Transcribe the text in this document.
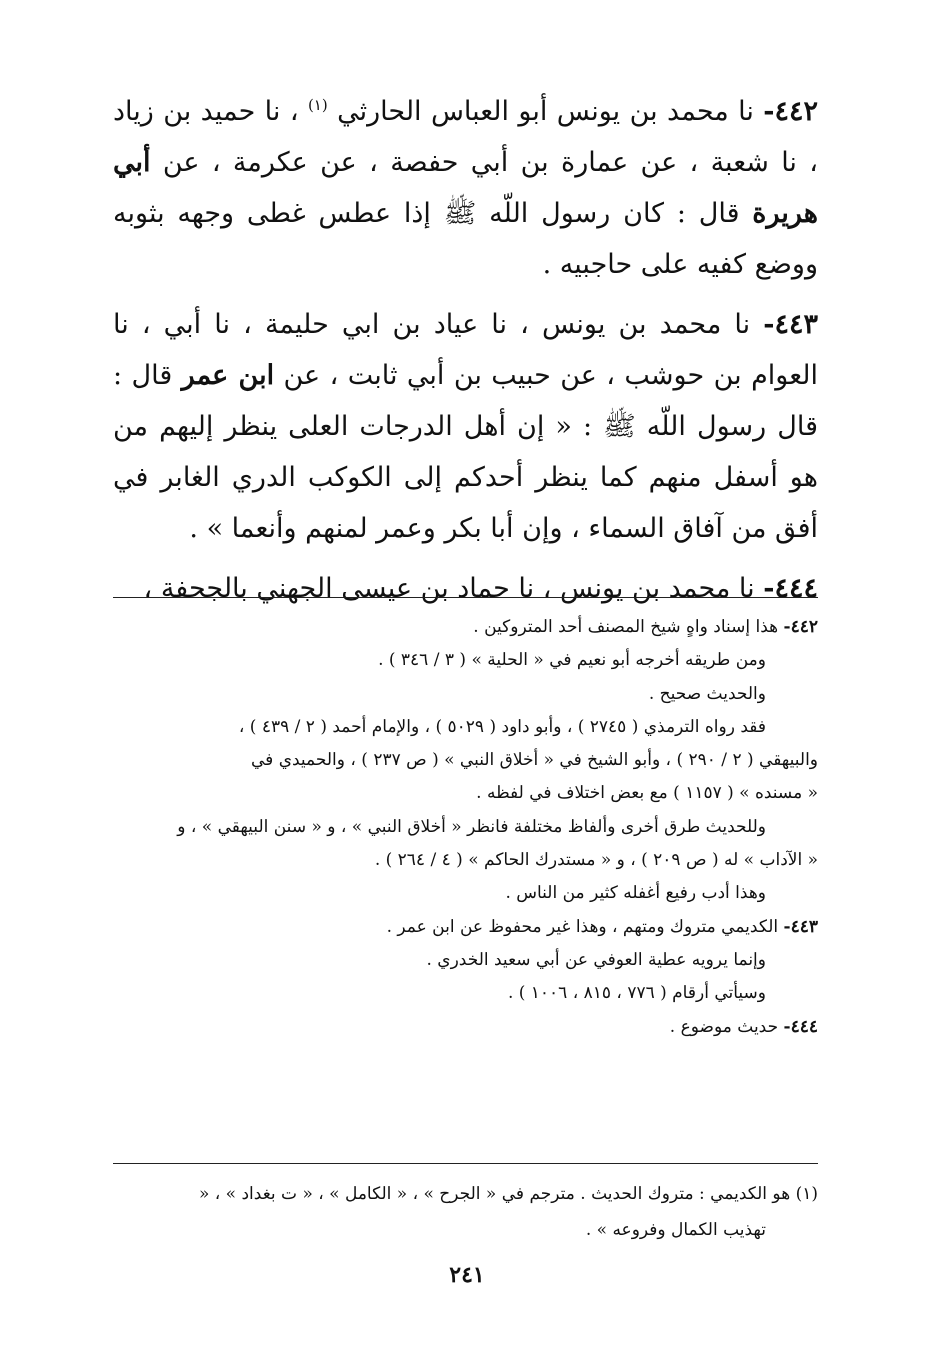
٤٤٢- نا محمد بن يونس أبو العباس الحارثي $^{(١)}$ ، نا حميد بن زياد ، نا شعبة ، عن عمارة بن أبي حفصة ، عن عكرمة ، عن أبي هريرة قال : كان رسول اللّه ﷺ إذا عطس غطى وجهه بثوبه ووضع كفيه على حاجبيه .

٤٤٣- نا محمد بن يونس ، نا عياد بن ابي حليمة ، نا أبي ، نا العوام بن حوشب ، عن حبيب بن أبي ثابت ، عن ابن عمر قال : قال رسول اللّه ﷺ : « إن أهل الدرجات العلى ينظر إليهم من هو أسفل منهم كما ينظر أحدكم إلى الكوكب الدري الغابر في أفق من آفاق السماء ، وإن أبا بكر وعمر لمنهم وأنعما » .

٤٤٤- نا محمد بن يونس ، نا حماد بن عيسى الجهني بالجحفة ،

٤٤٢- هذا إسناد واهٍ شيخ المصنف أحد المتروكين .

ومن طريقه أخرجه أبو نعيم في « الحلية » ( ٣ / ٣٤٦ ) .

والحديث صحيح .

فقد رواه الترمذي ( ٢٧٤٥ ) ، وأبو داود ( ٥٠٢٩ ) ، والإمام أحمد ( ٢ / ٤٣٩ ) ،

والبيهقي ( ٢ / ٢٩٠ ) ، وأبو الشيخ في « أخلاق النبي » ( ص ٢٣٧ ) ، والحميدي في

« مسنده » ( ١١٥٧ ) مع بعض اختلاف في لفظه .

وللحديث طرق أخرى وألفاظ مختلفة فانظر « أخلاق النبي » ، و « سنن البيهقي » ، و

« الآداب » له ( ص ٢٠٩ ) ، و « مستدرك الحاكم » ( ٤ / ٢٦٤ ) .

وهذا أدب رفيع أغفله كثير من الناس .

٤٤٣- الكديمي متروك ومتهم ، وهذا غير محفوظ عن ابن عمر .

وإنما يرويه عطية العوفي عن أبي سعيد الخدري .

وسيأتي أرقام ( ٧٧٦ ، ٨١٥ ، ١٠٠٦ ) .

٤٤٤- حديث موضوع .

(١) هو الكديمي : متروك الحديث . مترجم في « الجرح » ، « الكامل » ، « ت بغداد » ، «

تهذيب الكمال وفروعه » .

٢٤١
